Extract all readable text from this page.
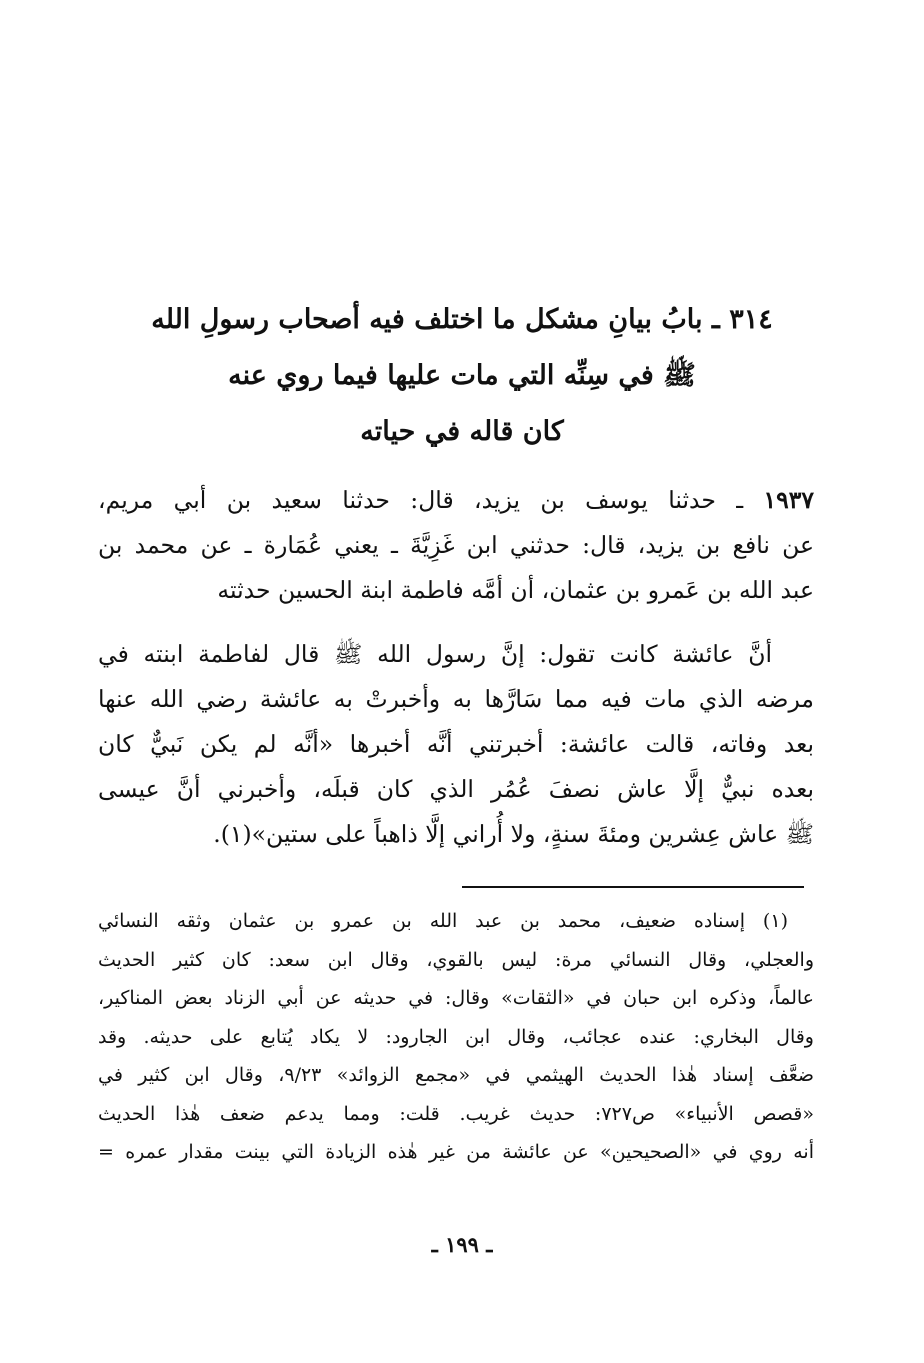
٣١٤ ـ بابُ بيانِ مشكل ما اختلف فيه أصحاب رسولِ الله
ﷺ في سِنِّه التي مات عليها فيما روي عنه
كان قاله في حياته
١٩٣٧ ـ حدثنا يوسف بن يزيد، قال: حدثنا سعيد بن أبي مريم،
عن نافع بن يزيد، قال: حدثني ابن غَزِيَّةَ ـ يعني عُمَارة ـ عن محمد بن
عبد الله بن عَمرو بن عثمان، أن أمَّه فاطمة ابنة الحسين حدثته
أنَّ عائشة كانت تقول: إنَّ رسول الله ﷺ قال لفاطمة ابنته في
مرضه الذي مات فيه مما سَارَّها به وأخبرتْ به عائشة رضي الله عنها
بعد وفاته، قالت عائشة: أخبرتني أنَّه أخبرها «أنَّه لم يكن نَبيٌّ كان
بعده نبيٌّ إلَّا عاش نصفَ عُمُر الذي كان قبلَه، وأخبرني أنَّ عيسى
ﷺ عاش عِشرين ومئةَ سنةٍ، ولا أُراني إلَّا ذاهباً على ستين»(١).
(١) إسناده ضعيف، محمد بن عبد الله بن عمرو بن عثمان وثقه النسائي
والعجلي، وقال النسائي مرة: ليس بالقوي، وقال ابن سعد: كان كثير الحديث
عالماً، وذكره ابن حبان في «الثقات» وقال: في حديثه عن أبي الزناد بعض المناكير،
وقال البخاري: عنده عجائب، وقال ابن الجارود: لا يكاد يُتابع على حديثه. وقد
ضعَّف إسناد هٰذا الحديث الهيثمي في «مجمع الزوائد» ٩/٢٣، وقال ابن كثير في
«قصص الأنبياء» ص٧٢٧: حديث غريب. قلت: ومما يدعم ضعف هٰذا الحديث
أنه روي في «الصحيحين» عن عائشة من غير هٰذه الزيادة التي بينت مقدار عمره =
ـ ١٩٩ ـ
